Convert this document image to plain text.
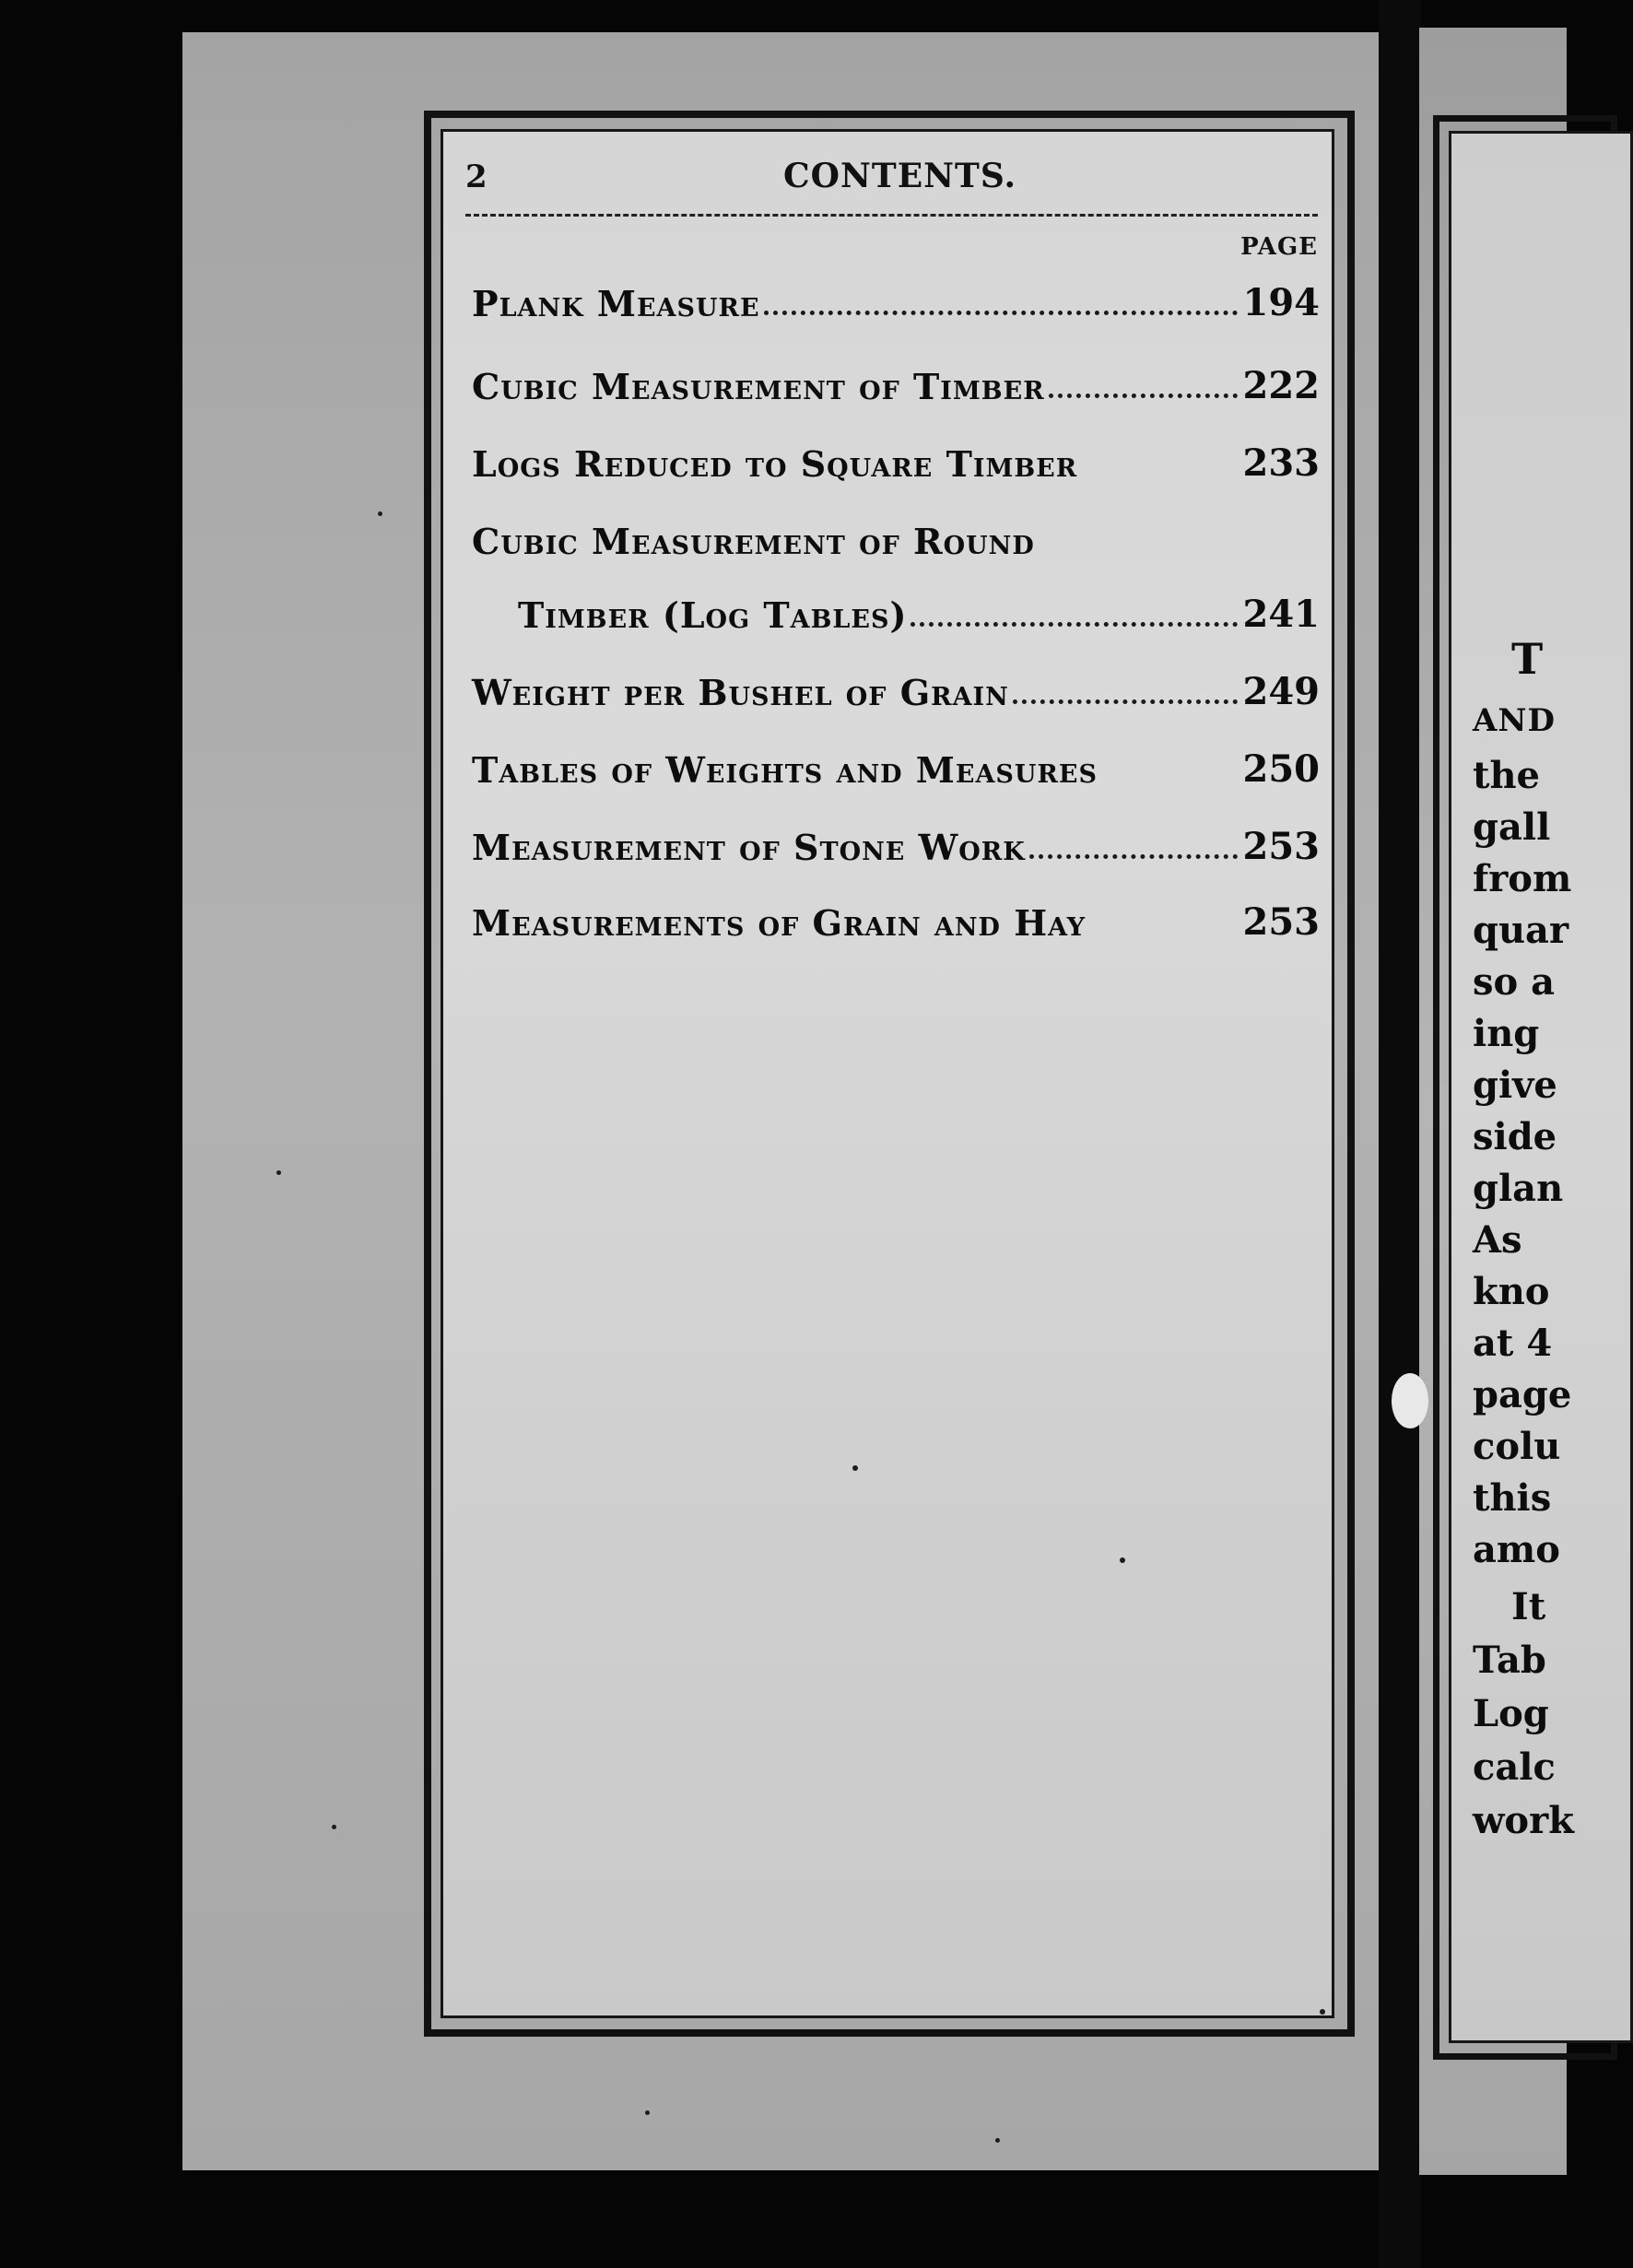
2	CONTENTS.
PAGE
Plank Measure	194
Cubic Measurement of Timber	222
Logs Reduced to Square Timber	233
Cubic Measurement of Round
Timber (Log Tables)	241
Weight per Bushel of Grain	249
Tables of Weights and Measures	250
Measurement of Stone Work	253
Measurements of Grain and Hay	253
T
AND
the
gall
from
quar
so a
ing
give
side
glan
As
kno
at 4
page
colu
this
amo
It
Tab
Log
calc
work
